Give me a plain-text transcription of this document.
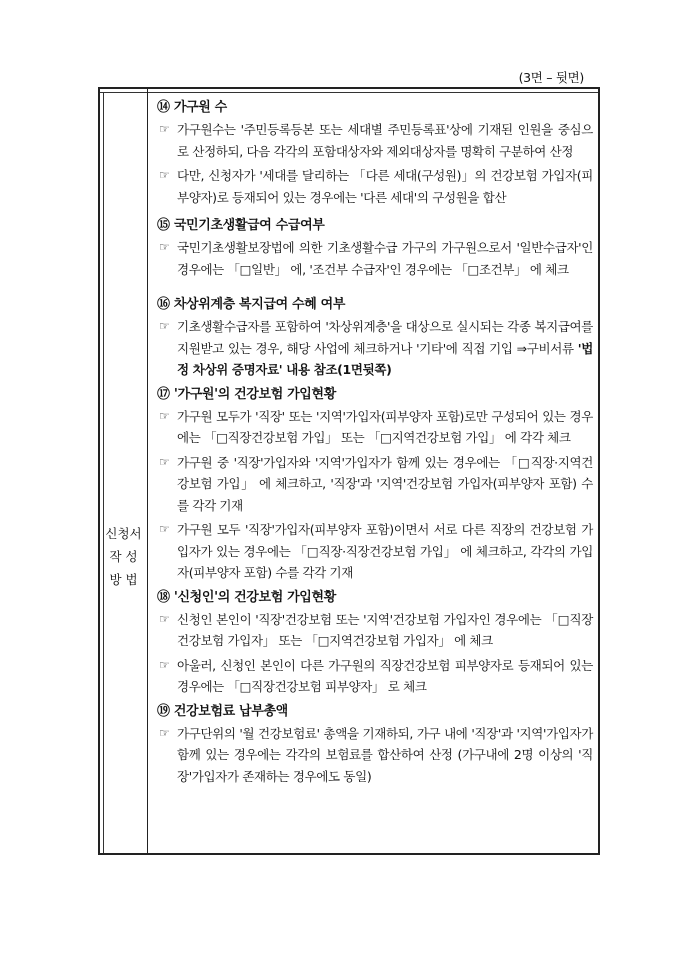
(3면 – 뒷면)
신청서
작 성
방 법
⑭ 가구원 수
☞ 가구원수는 '주민등록등본 또는 세대별 주민등록표'상에 기재된 인원을 중심으로 산정하되, 다음 각각의 포함대상자와 제외대상자를 명확히 구분하여 산정
☞ 다만, 신청자가 '세대를 달리하는 「다른 세대(구성원)」의 건강보험 가입자(피부양자)로 등재되어 있는 경우에는 '다른 세대'의 구성원을 합산
⑮ 국민기초생활급여 수급여부
☞ 국민기초생활보장법에 의한 기초생활수급 가구의 가구원으로서 '일반수급자'인 경우에는 「□일반」 에, '조건부 수급자'인 경우에는 「□조건부」 에 체크
⑯ 차상위계층 복지급여 수혜 여부
☞ 기초생활수급자를 포함하여 '차상위계층'을 대상으로 실시되는 각종 복지급여를 지원받고 있는 경우, 해당 사업에 체크하거나 '기타'에 직접 기입 ⇒구비서류 '법정 차상위 증명자료' 내용 참조(1면뒷쪽)
⑰ '가구원'의 건강보험 가입현황
☞ 가구원 모두가 '직장' 또는 '지역'가입자(피부양자 포함)로만 구성되어 있는 경우에는 「□직장건강보험 가입」 또는 「□지역건강보험 가입」 에 각각 체크
☞ 가구원 중 '직장'가입자와 '지역'가입자가 함께 있는 경우에는 「□직장·지역건강보험 가입」 에 체크하고, '직장'과 '지역'건강보험 가입자(피부양자 포함) 수를 각각 기재
☞ 가구원 모두 '직장'가입자(피부양자 포함)이면서 서로 다른 직장의 건강보험 가입자가 있는 경우에는 「□직장·직장건강보험 가입」 에 체크하고, 각각의 가입자(피부양자 포함) 수를 각각 기재
⑱ '신청인'의 건강보험 가입현황
☞ 신청인 본인이 '직장'건강보험 또는 '지역'건강보험 가입자인 경우에는 「□직장건강보험 가입자」 또는 「□지역건강보험 가입자」 에 체크
☞ 아울러, 신청인 본인이 다른 가구원의 직장건강보험 피부양자로 등재되어 있는 경우에는 「□직장건강보험 피부양자」 로 체크
⑲ 건강보험료 납부총액
☞ 가구단위의 '월 건강보험료' 총액을 기재하되, 가구 내에 '직장'과 '지역'가입자가 함께 있는 경우에는 각각의 보험료를 합산하여 산정 (가구내에 2명 이상의 '직장'가입자가 존재하는 경우에도 동일)
